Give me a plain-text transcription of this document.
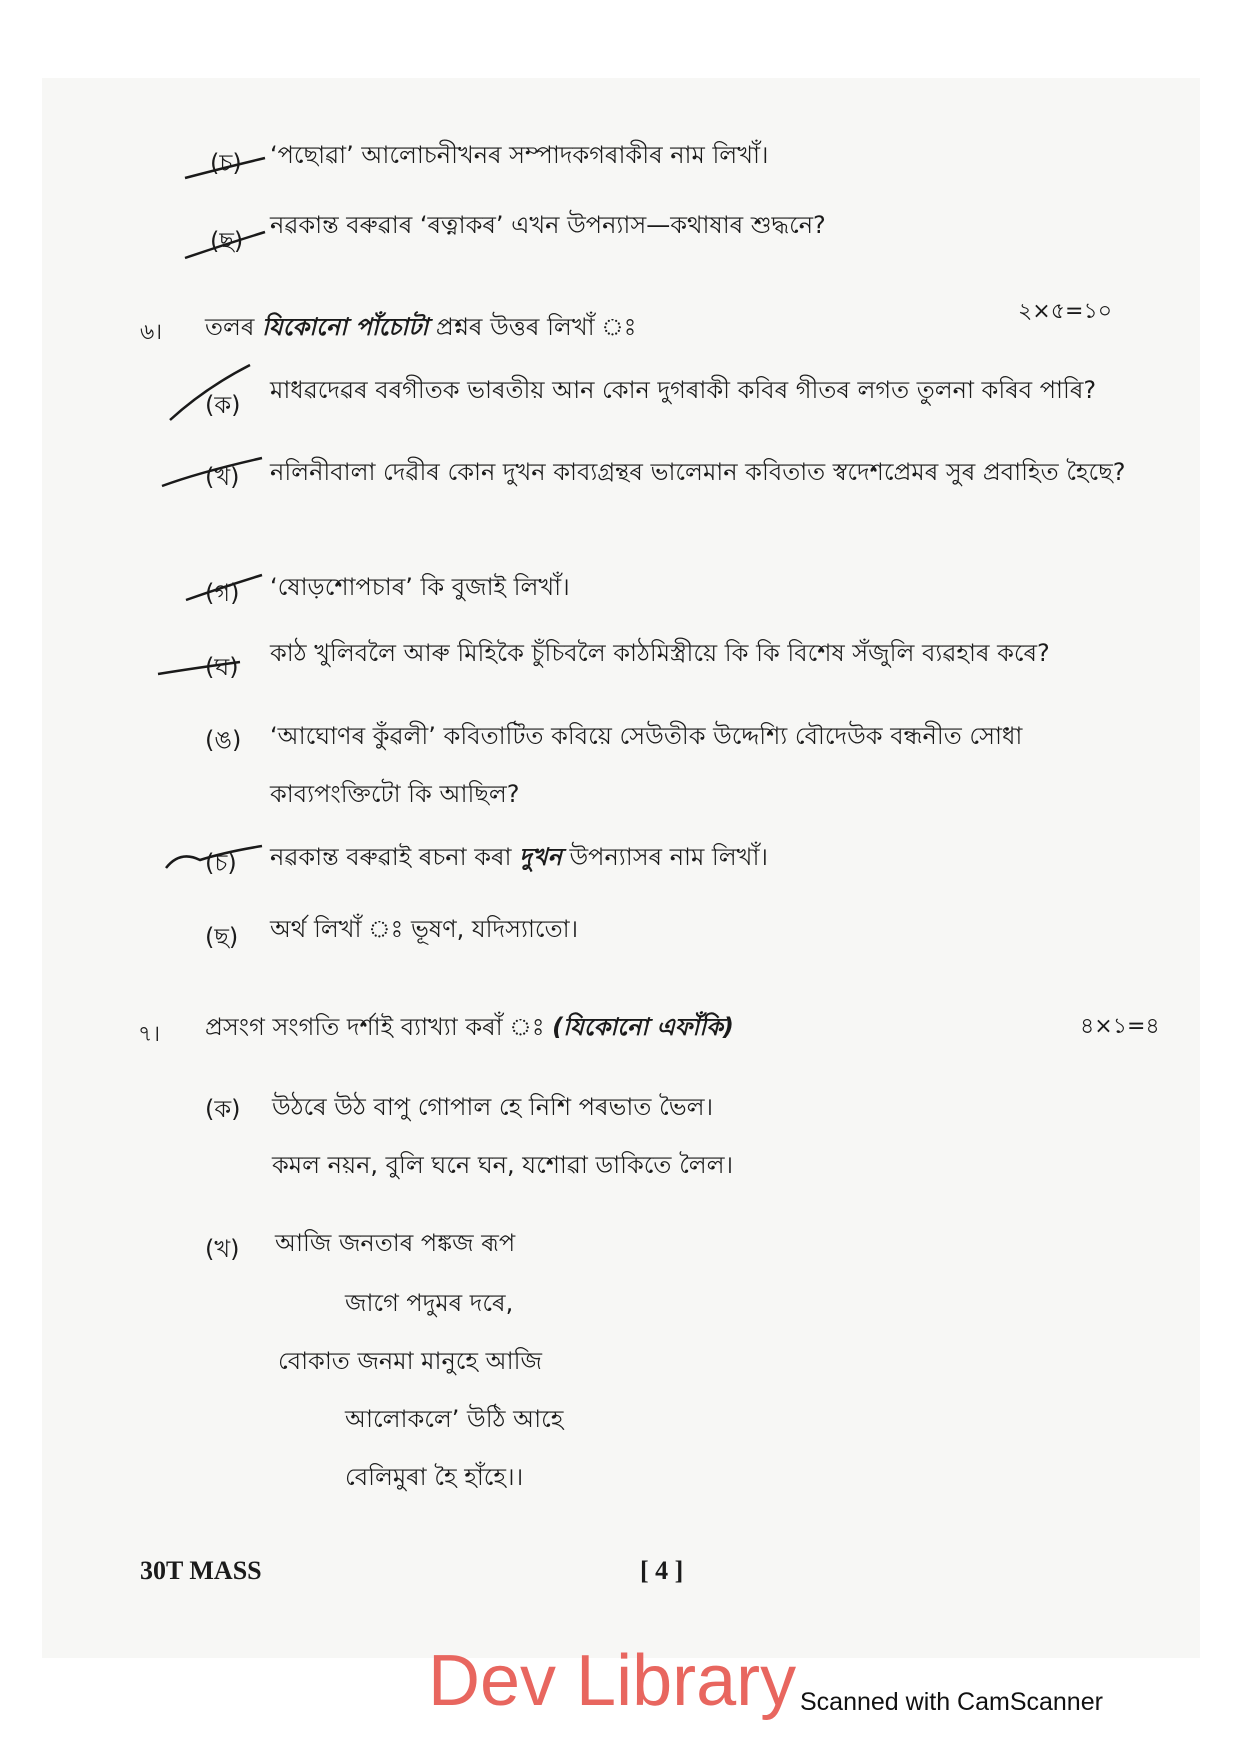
(চ) ‘পছোৱা’ আলোচনীখনৰ সম্পাদকগৰাকীৰ নাম লিখাঁ।
(ছ)
নৱকান্ত বৰুৱাৰ ‘ৰত্নাকৰ’ এখন উপন্যাস—কথাষাৰ শুদ্ধনে?
৬। তলৰ যিকোনো পাঁচোটা প্ৰশ্নৰ উত্তৰ লিখাঁ ঃ
২×৫=১০
(ক)
মাধৱদেৱৰ বৰগীতক ভাৰতীয় আন কোন দুগৰাকী কবিৰ গীতৰ লগত তুলনা কৰিব পাৰি?
(খ) নলিনীবালা দেৱীৰ কোন দুখন কাব্যগ্ৰন্থৰ ভালেমান কবিতাত স্বদেশপ্ৰেমৰ সুৰ প্ৰবাহিত হৈছে?
(গ) ‘ষোড়শোপচাৰ’ কি বুজাই লিখাঁ।
(ঘ) কাঠ খুলিবলৈ আৰু মিহিকৈ চুঁচিবলৈ কাঠমিস্ত্ৰীয়ে কি কি বিশেষ সঁজুলি ব্যৱহাৰ কৰে?
(ঙ) ‘আঘোণৰ কুঁৱলী’ কবিতাটিত কবিয়ে সেউতীক উদ্দেশ্যি বৌদেউক বন্ধনীত সোধা কাব্যপংক্তিটো কি আছিল?
(চ) নৱকান্ত বৰুৱাই ৰচনা কৰা দুখন উপন্যাসৰ নাম লিখাঁ।
(ছ) অৰ্থ লিখাঁ ঃ ভূষণ, যদিস্যাতো।
৭। প্ৰসংগ সংগতি দৰ্শাই ব্যাখ্যা কৰাঁ ঃ (যিকোনো এফাঁকি)	৪×১=৪
(ক) উঠৰে উঠ বাপু গোপাল হে নিশি পৰভাত ভৈল।
কমল নয়ন, বুলি ঘনে ঘন, যশোৱা ডাকিতে লৈল।
(খ) আজি জনতাৰ পঙ্কজ ৰূপ
জাগে পদুমৰ দৰে,
বোকাত জনমা মানুহে আজি
আলোকলে’ উঠি আহে
বেলিমুৰা হৈ হাঁহে।।
30T MASS	[ 4 ]
Dev Library Scanned with CamScanner
